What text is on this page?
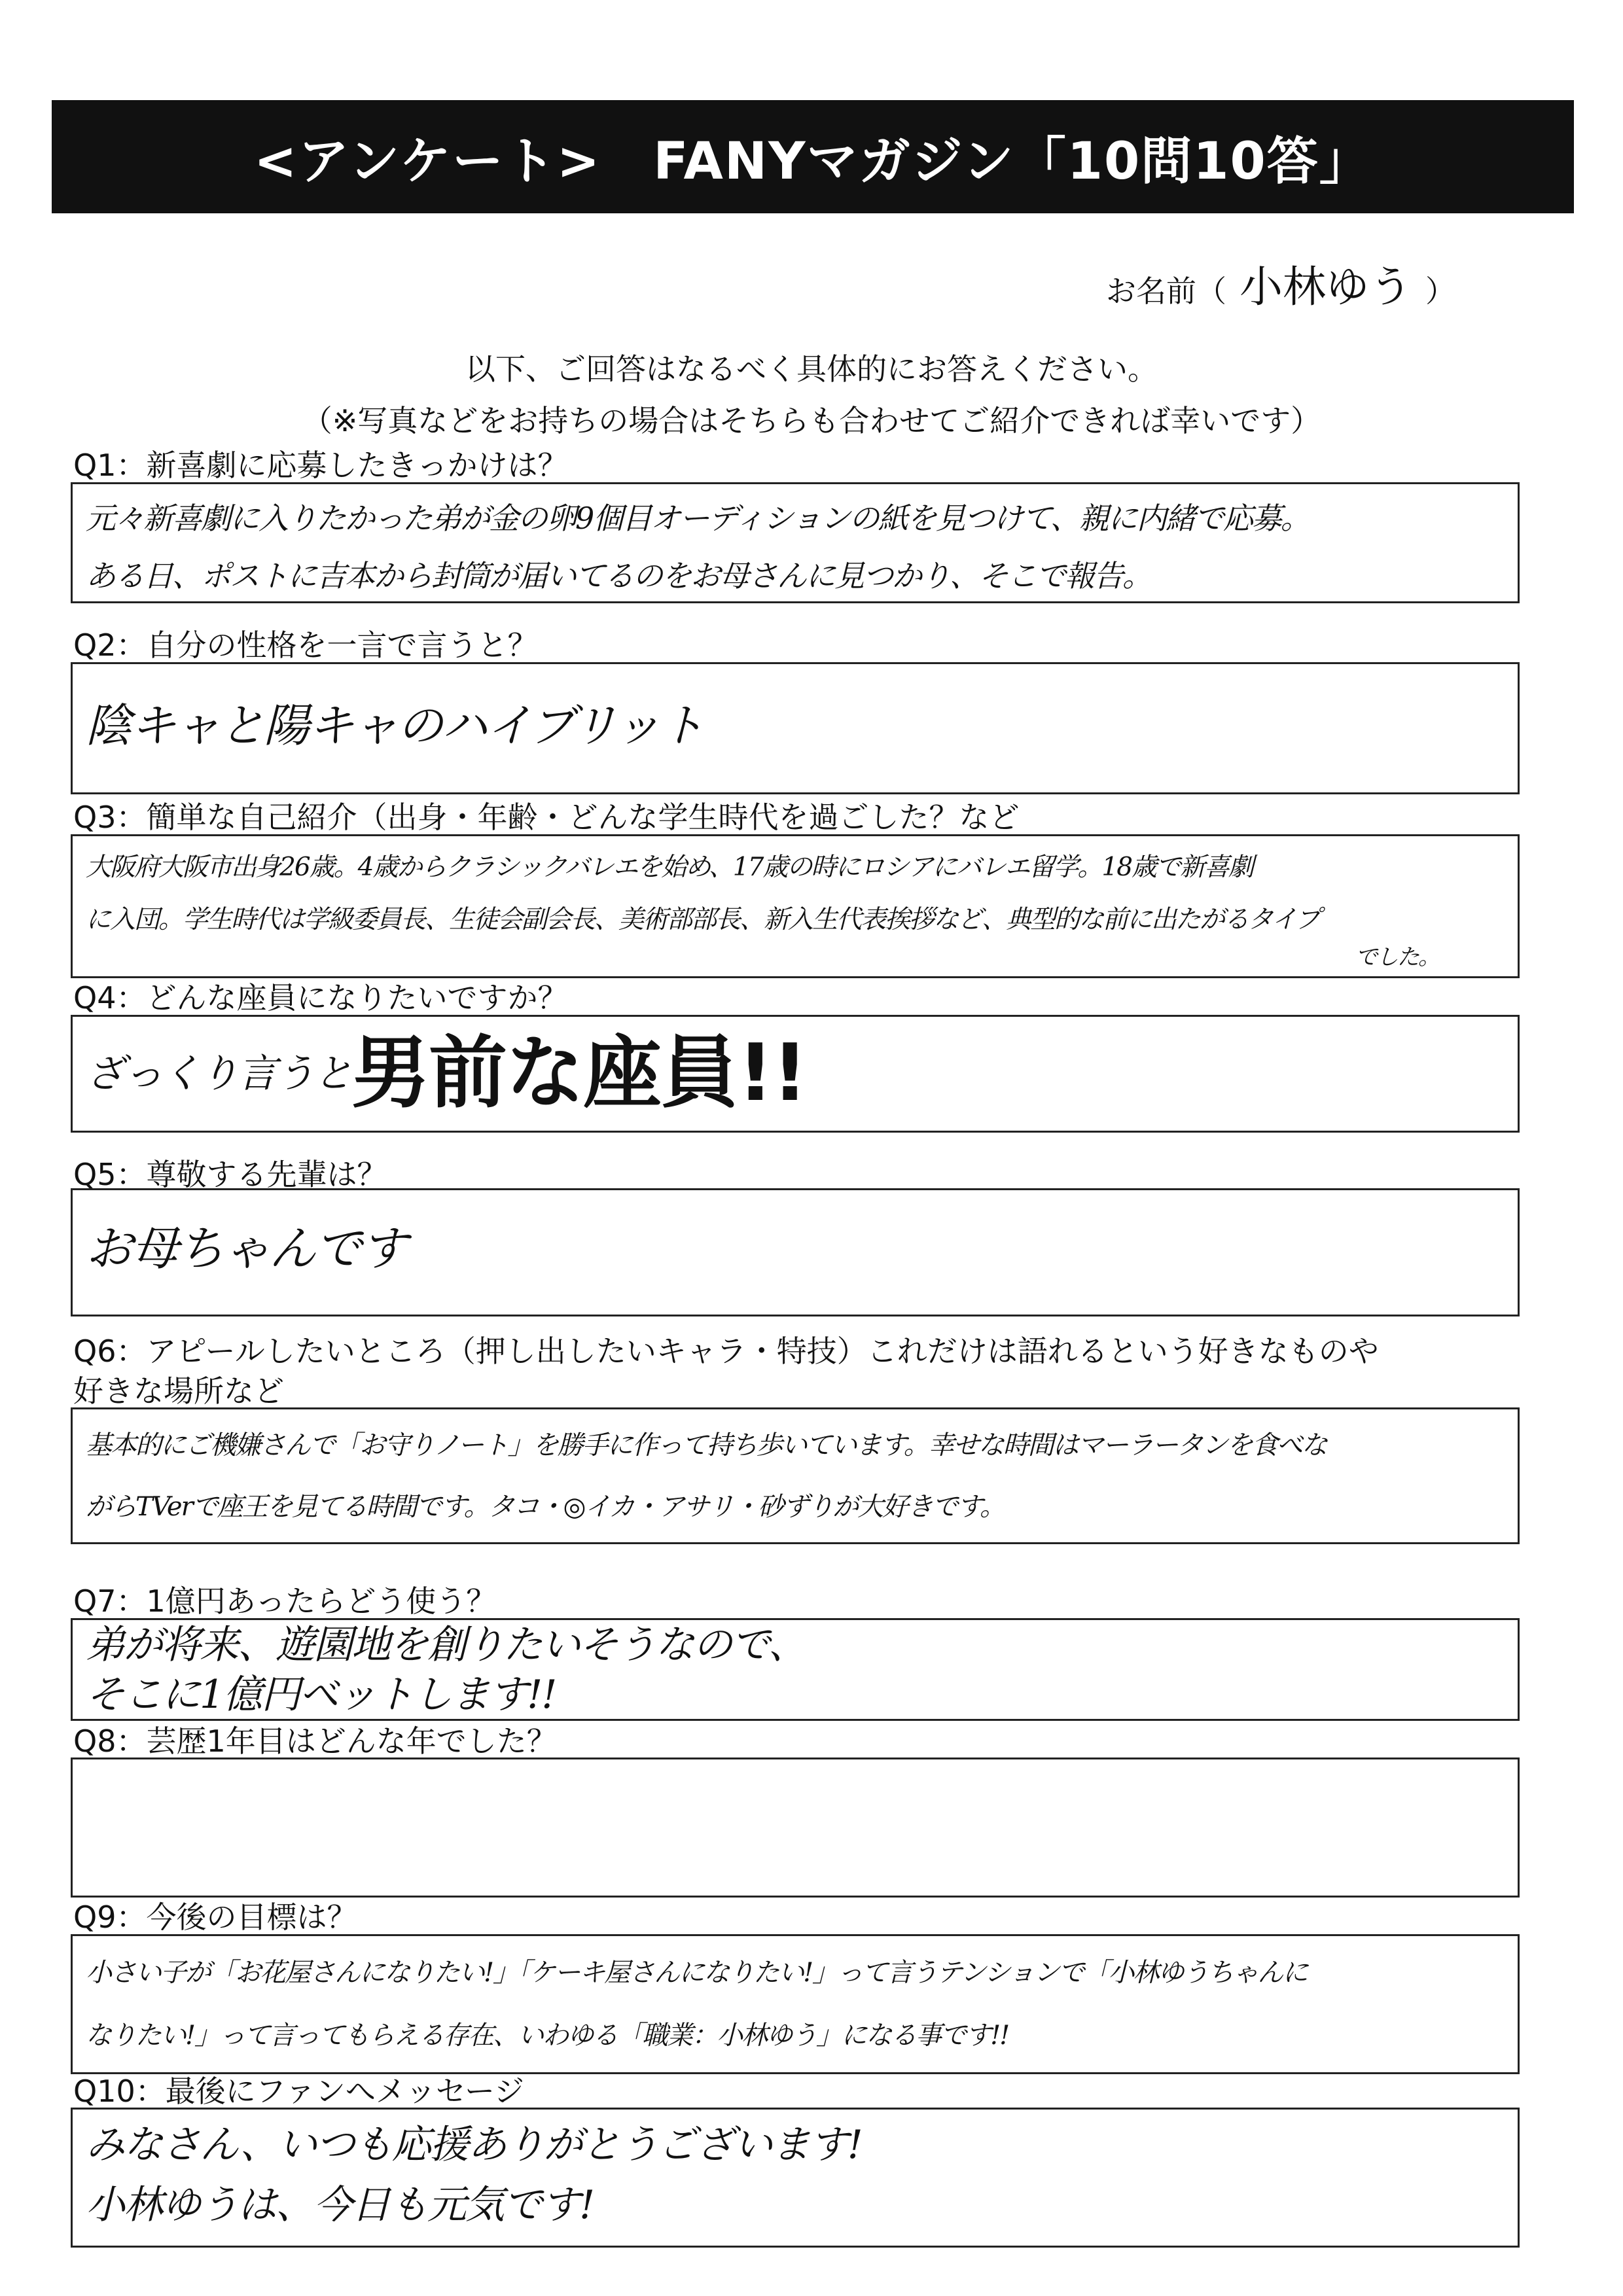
<アンケート>　FANYマガジン「10問10答」
お名前（ 小林ゆう ）
以下、ご回答はなるべく具体的にお答えください。
（※写真などをお持ちの場合はそちらも合わせてご紹介できれば幸いです）
Q1：新喜劇に応募したきっかけは？
元々新喜劇に入りたかった弟が金の卵9個目オーディションの紙を見つけて、親に内緒で応募。
ある日、ポストに吉本から封筒が届いてるのをお母さんに見つかり、そこで報告。
Q2：自分の性格を一言で言うと？
陰キャと陽キャのハイブリット
Q3：簡単な自己紹介（出身・年齢・どんな学生時代を過ごした？など
大阪府大阪市出身26歳。4歳からクラシックバレエを始め、17歳の時にロシアにバレエ留学。18歳で新喜劇
に入団。学生時代は学級委員長、生徒会副会長、美術部部長、新入生代表挨拶など、典型的な前に出たがるタイプ
でした。
Q4：どんな座員になりたいですか？
ざっくり言うと 男前な座員!!
Q5：尊敬する先輩は？
お母ちゃんです
Q6：アピールしたいところ（押し出したいキャラ・特技）これだけは語れるという好きなものや
好きな場所など
基本的にご機嫌さんで「お守りノート」を勝手に作って持ち歩いています。幸せな時間はマーラータンを食べな
がらTVerで座王を見てる時間です。タコ・◎イカ・アサリ・砂ずりが大好きです。
Q7：1億円あったらどう使う？
弟が将来、遊園地を創りたいそうなので、
そこに1億円ベットします!!
Q8：芸歴1年目はどんな年でした？
Q9：今後の目標は？
小さい子が「お花屋さんになりたい!」「ケーキ屋さんになりたい!」って言うテンションで「小林ゆうちゃんに
なりたい!」って言ってもらえる存在、いわゆる「職業：小林ゆう」になる事です!!
Q10：最後にファンへメッセージ
みなさん、いつも応援ありがとうございます!
小林ゆうは、今日も元気です!
